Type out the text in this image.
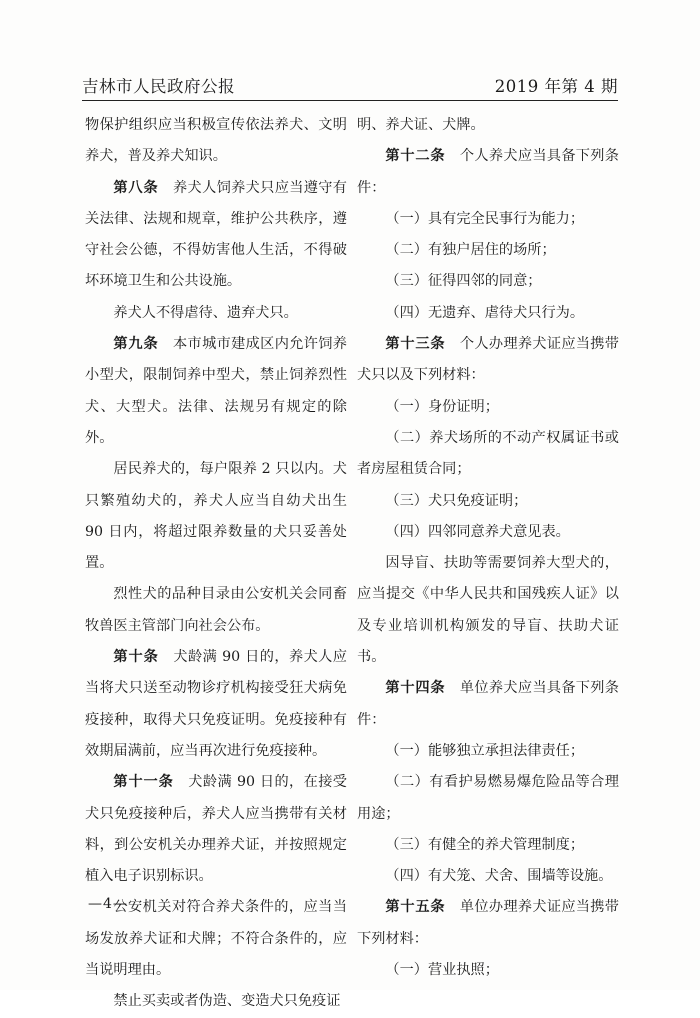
吉林市人民政府公报	2019 年第 4 期

物保护组织应当积极宣传依法养犬、文明养犬，普及养犬知识。

第八条 养犬人饲养犬只应当遵守有关法律、法规和规章，维护公共秩序，遵守社会公德，不得妨害他人生活，不得破坏环境卫生和公共设施。

养犬人不得虐待、遗弃犬只。

第九条 本市城市建成区内允许饲养小型犬，限制饲养中型犬，禁止饲养烈性犬、大型犬。法律、法规另有规定的除外。

居民养犬的，每户限养 2 只以内。犬只繁殖幼犬的，养犬人应当自幼犬出生 90 日内，将超过限养数量的犬只妥善处置。

烈性犬的品种目录由公安机关会同畜牧兽医主管部门向社会公布。

第十条 犬龄满 90 日的，养犬人应当将犬只送至动物诊疗机构接受狂犬病免疫接种，取得犬只免疫证明。免疫接种有效期届满前，应当再次进行免疫接种。

第十一条 犬龄满 90 日的，在接受犬只免疫接种后，养犬人应当携带有关材料，到公安机关办理养犬证，并按照规定植入电子识别标识。

公安机关对符合养犬条件的，应当当场发放养犬证和犬牌；不符合条件的，应当说明理由。

禁止买卖或者伪造、变造犬只免疫证

明、养犬证、犬牌。

第十二条 个人养犬应当具备下列条件：

（一）具有完全民事行为能力；

（二）有独户居住的场所；

（三）征得四邻的同意；

（四）无遗弃、虐待犬只行为。

第十三条 个人办理养犬证应当携带犬只以及下列材料：

（一）身份证明；

（二）养犬场所的不动产权属证书或者房屋租赁合同；

（三）犬只免疫证明；

（四）四邻同意养犬意见表。

因导盲、扶助等需要饲养大型犬的，应当提交《中华人民共和国残疾人证》以及专业培训机构颁发的导盲、扶助犬证书。

第十四条 单位养犬应当具备下列条件：

（一）能够独立承担法律责任；

（二）有看护易燃易爆危险品等合理用途；

（三）有健全的养犬管理制度；

（四）有犬笼、犬舍、围墙等设施。

第十五条 单位办理养犬证应当携带下列材料：

（一）营业执照；

—4—
